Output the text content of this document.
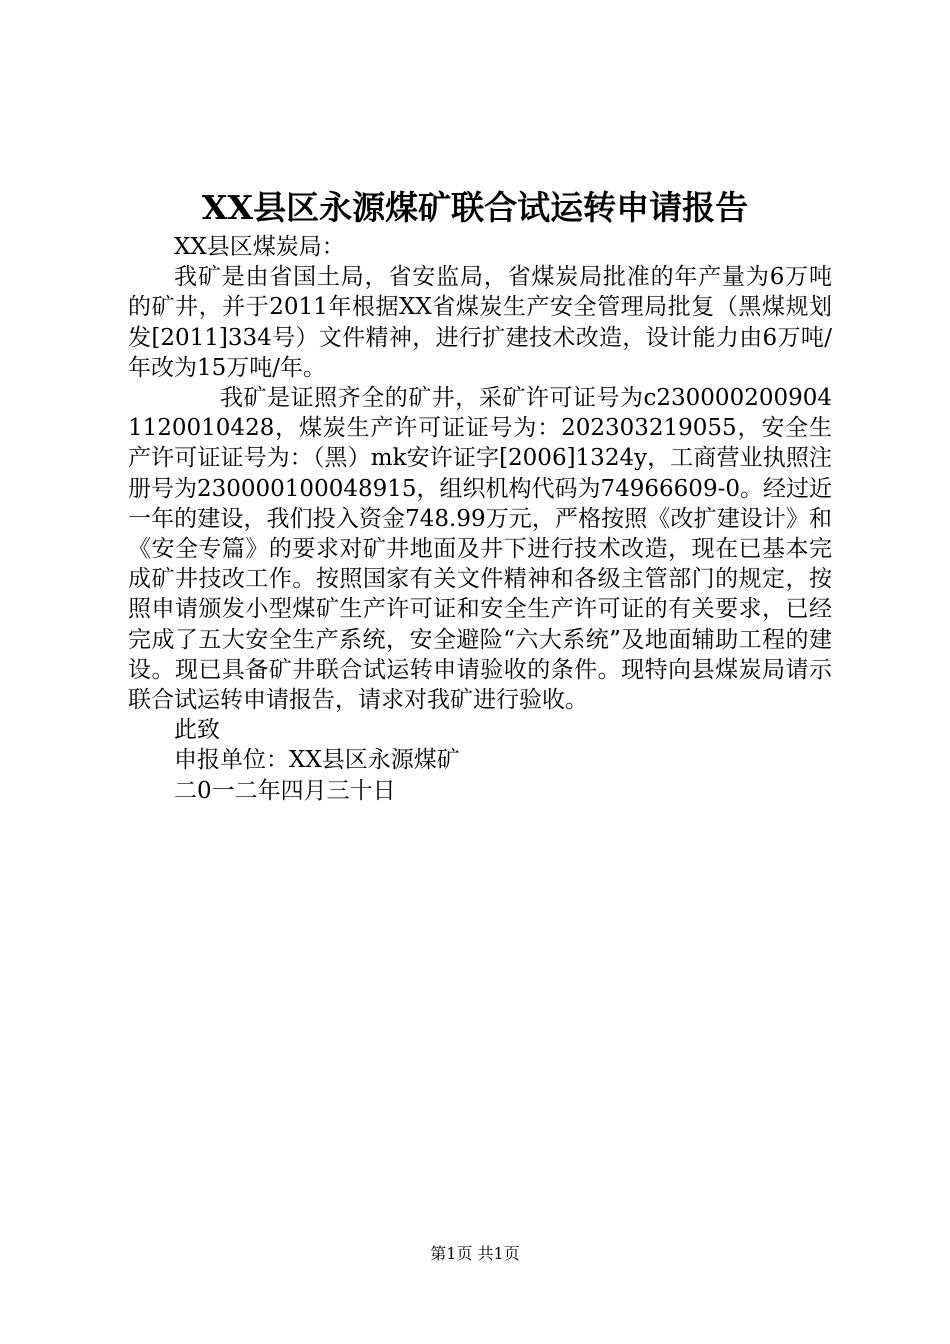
XX县区永源煤矿联合试运转申请报告

XX县区煤炭局：

我矿是由省国土局，省安监局，省煤炭局批准的年产量为6万吨的矿井，并于2011年根据XX省煤炭生产安全管理局批复（黑煤规划发[2011]334号）文件精神，进行扩建技术改造，设计能力由6万吨/年改为15万吨/年。

我矿是证照齐全的矿井，采矿许可证号为c2300002009041120010428，煤炭生产许可证证号为：202303219055，安全生产许可证证号为：（黑）mk安许证字[2006]1324y，工商营业执照注册号为230000100048915，组织机构代码为74966609-0。经过近一年的建设，我们投入资金748.99万元，严格按照《改扩建设计》和《安全专篇》的要求对矿井地面及井下进行技术改造，现在已基本完成矿井技改工作。按照国家有关文件精神和各级主管部门的规定，按照申请颁发小型煤矿生产许可证和安全生产许可证的有关要求，已经完成了五大安全生产系统，安全避险“六大系统”及地面辅助工程的建设。现已具备矿井联合试运转申请验收的条件。现特向县煤炭局请示联合试运转申请报告，请求对我矿进行验收。

此致

申报单位：XX县区永源煤矿

二0一二年四月三十日

第1页 共1页
